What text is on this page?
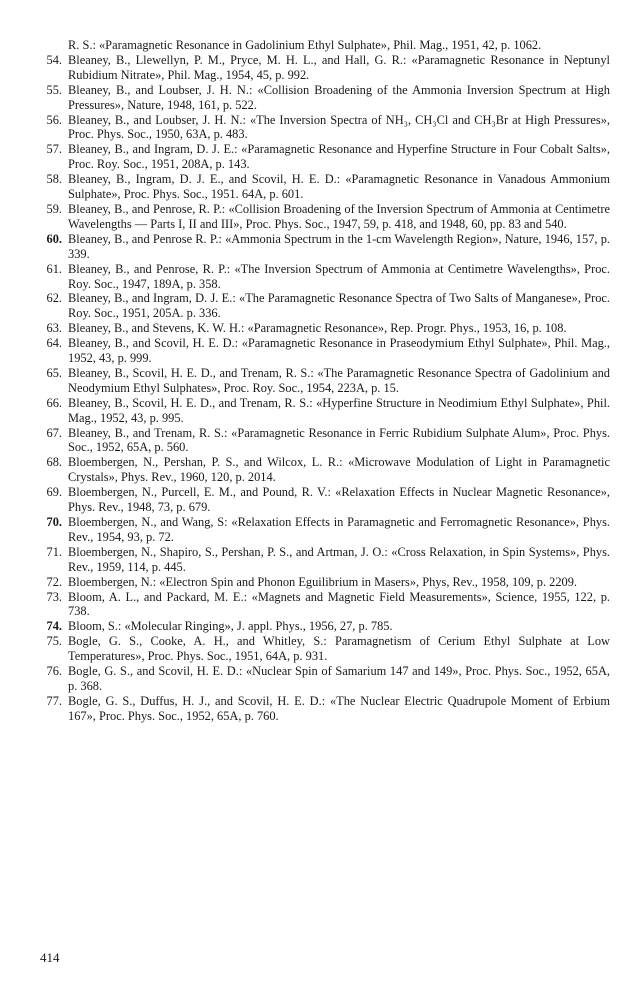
R. S.: «Paramagnetic Resonance in Gadolinium Ethyl Sulphate», Phil. Mag., 1951, 42, p. 1062.
54. Bleaney, B., Llewellyn, P. M., Pryce, M. H. L., and Hall, G. R.: «Paramagnetic Resonance in Neptunyl Rubidium Nitrate», Phil. Mag., 1954, 45, p. 992.
55. Bleaney, B., and Loubser, J. H. N.: «Collision Broadening of the Ammonia Inversion Spectrum at High Pressures», Nature, 1948, 161, p. 522.
56. Bleaney, B., and Loubser, J. H. N.: «The Inversion Spectra of NH₃, CH₃Cl and CH₃Br at High Pressures», Proc. Phys. Soc., 1950, 63A, p. 483.
57. Bleaney, B., and Ingram, D. J. E.: «Paramagnetic Resonance and Hyperfine Structure in Four Cobalt Salts», Proc. Roy. Soc., 1951, 208A, p. 143.
58. Bleaney, B., Ingram, D. J. E., and Scovil, H. E. D.: «Paramagnetic Resonance in Vanadous Ammonium Sulphate», Proc. Phys. Soc., 1951. 64A, p. 601.
59. Bleaney, B., and Penrose, R. P.: «Collision Broadening of the Inversion Spectrum of Ammonia at Centimetre Wavelengths — Parts I, II and III», Proc. Phys. Soc., 1947, 59, p. 418, and 1948, 60, pp. 83 and 540.
60. Bleaney, B., and Penrose R. P.: «Ammonia Spectrum in the 1-cm Wavelength Region», Nature, 1946, 157, p. 339.
61. Bleaney, B., and Penrose, R. P.: «The Inversion Spectrum of Ammonia at Centimetre Wavelengths», Proc. Roy. Soc., 1947, 189A, p. 358.
62. Bleaney, B., and Ingram, D. J. E.: «The Paramagnetic Resonance Spectra of Two Salts of Manganese», Proc. Roy. Soc., 1951, 205A. p. 336.
63. Bleaney, B., and Stevens, K. W. H.: «Paramagnetic Resonance», Rep. Progr. Phys., 1953, 16, p. 108.
64. Bleaney, B., and Scovil, H. E. D.: «Paramagnetic Resonance in Praseodymium Ethyl Sulphate», Phil. Mag., 1952, 43, p. 999.
65. Bleaney, B., Scovil, H. E. D., and Trenam, R. S.: «The Paramagnetic Resonance Spectra of Gadolinium and Neodymium Ethyl Sulphates», Proc. Roy. Soc., 1954, 223A, p. 15.
66. Bleaney, B., Scovil, H. E. D., and Trenam, R. S.: «Hyperfine Structure in Neodimium Ethyl Sulphate», Phil. Mag., 1952, 43, p. 995.
67. Bleaney, B., and Trenam, R. S.: «Paramagnetic Resonance in Ferric Rubidium Sulphate Alum», Proc. Phys. Soc., 1952, 65A, p. 560.
68. Bloembergen, N., Pershan, P. S., and Wilcox, L. R.: «Microwave Modulation of Light in Paramagnetic Crystals», Phys. Rev., 1960, 120, p. 2014.
69. Bloembergen, N., Purcell, E. M., and Pound, R. V.: «Relaxation Effects in Nuclear Magnetic Resonance», Phys. Rev., 1948, 73, p. 679.
70. Bloembergen, N., and Wang, S: «Relaxation Effects in Paramagnetic and Ferromagnetic Resonance», Phys. Rev., 1954, 93, p. 72.
71. Bloembergen, N., Shapiro, S., Pershan, P. S., and Artman, J. O.: «Cross Relaxation, in Spin Systems», Phys. Rev., 1959, 114, p. 445.
72. Bloembergen, N.: «Electron Spin and Phonon Eguilibrium in Masers», Phys, Rev., 1958, 109, p. 2209.
73. Bloom, A. L., and Packard, M. E.: «Magnets and Magnetic Field Measurements», Science, 1955, 122, p. 738.
74. Bloom, S.: «Molecular Ringing», J. appl. Phys., 1956, 27, p. 785.
75. Bogle, G. S., Cooke, A. H., and Whitley, S.: Paramagnetism of Cerium Ethyl Sulphate at Low Temperatures», Proc. Phys. Soc., 1951, 64A, p. 931.
76. Bogle, G. S., and Scovil, H. E. D.: «Nuclear Spin of Samarium 147 and 149», Proc. Phys. Soc., 1952, 65A, p. 368.
77. Bogle, G. S., Duffus, H. J., and Scovil, H. E. D.: «The Nuclear Electric Quadrupole Moment of Erbium 167», Proc. Phys. Soc., 1952, 65A, p. 760.
414
